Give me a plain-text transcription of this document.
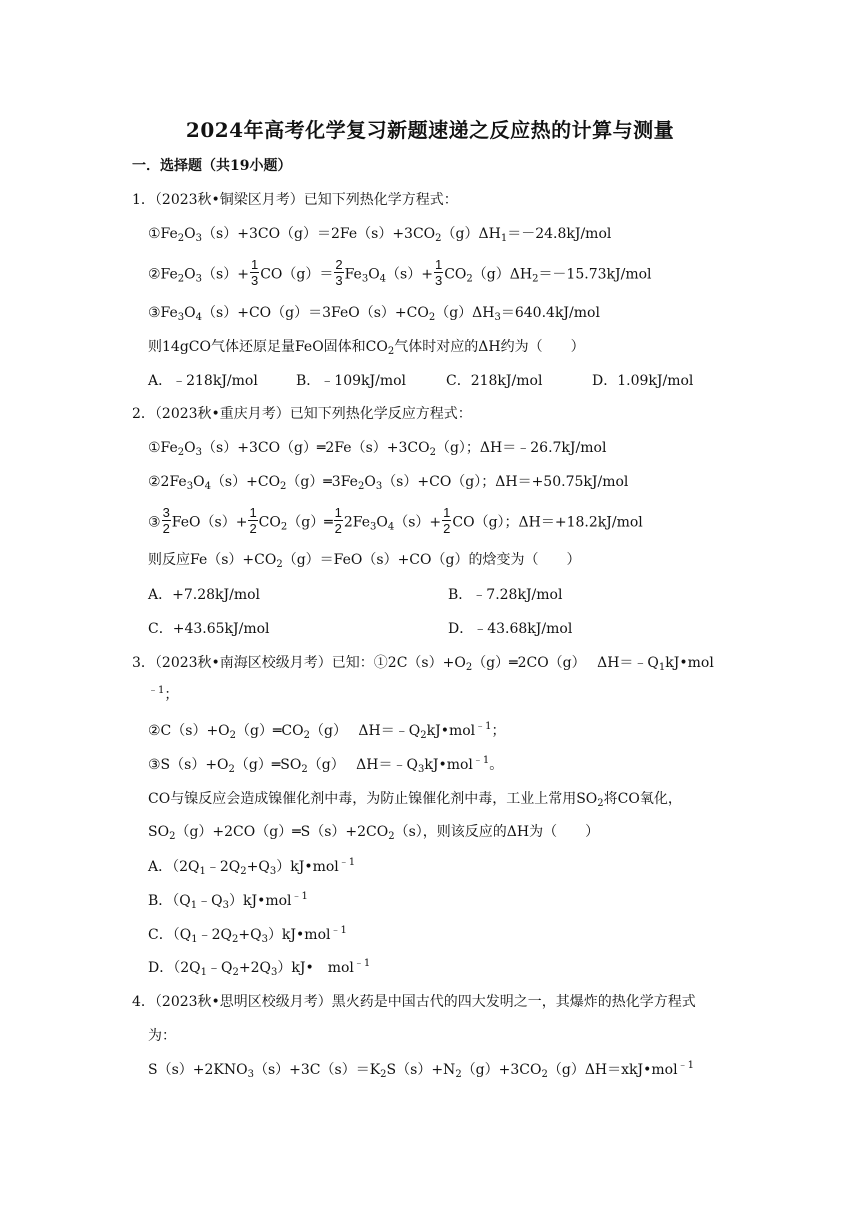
2024年高考化学复习新题速递之反应热的计算与测量
一．选择题（共19小题）
1．（2023秋•铜梁区月考）已知下列热化学方程式：
$①Fe_2O_3(s)+3CO(g)=2Fe(s)+3CO_2(g)\Delta H_1=-24.8kJ$/mol
$②Fe_2O_3(s)+ \frac{1}{3} CO(g)= \frac{2}{3} Fe_3O_4(s)+ \frac{1}{3} CO_2(g)\Delta H_2=-15.73kJ/mol$
$③Fe_3O_4(s)+CO(g)=3FeO(s)+CO_2(g)\Delta H_3=640.4kJ$/mol
则14gCO气体还原足量FeO固体和$CO_2$气体时对应的ΔH约为（　　）
A．﹣218kJ/mol	B．﹣109kJ/mol	C．218kJ/mol	D．1.09kJ/mol
2．（2023秋•重庆月考）已知下列热化学反应方程式：
$①Fe_2O_3(s)+3CO(g)═2Fe(s)+3CO_2(g)$；ΔH＝﹣26.7kJ/mol
$②2Fe_3O_4(s)+CO_2(g)═3Fe_2O_3(s)+CO(g)$；ΔH＝+50.75kJ/mol
③ $\frac{3}{2} FeO(s)+ \frac{1}{2}$ $CO_2(g)═ \frac{1}{2} 2Fe_3O_4(s)+ \frac{1}{2} CO(g)$；ΔH＝+18.2kJ/mol
则反应$Fe(s)+CO_2(g)=FeO(s)+CO(g)$的焓变为（　　）
A．+7.28kJ/mol	B．﹣7.28kJ/mol
C．+43.65kJ/mol	D．﹣43.68kJ/mol
3．（2023秋•南海区校级月考）已知：$①2C(s)+O_2(g)═2CO(g)$　 $\Delta H=﹣Q_1kJ•mol$
$^{﹣1}$；
$②C(s)+O_2(g)═CO_2(g)$　 $\Delta H=﹣Q_2kJ•mol^{﹣1}$；
$③S(s)+O_2(g)═SO_2(g)$　 $\Delta H=﹣Q_3kJ•mol^{﹣1}$。
CO与镍反应会造成镍催化剂中毒，为防止镍催化剂中毒，工业上常用$SO_2$将CO氧化，
$SO_2(g)+2CO(g)═S(s)+2CO_2(s)$，则该反应的ΔH为（　　）
A．$(2Q_1﹣2Q_2+Q_3)kJ•mol^{﹣1}$
B．$(Q_1﹣Q_3)kJ•mol^{﹣1}$
C．$(Q_1﹣2Q_2+Q_3)kJ•mol^{﹣1}$
D．$(2Q_1﹣Q_2+2Q_3)kJ•$　mol$^{﹣1}$
4．（2023秋•思明区校级月考）黑火药是中国古代的四大发明之一，其爆炸的热化学方程式
为：
$S(s)+2KNO_3(s)+3C(s)=K_2S(s)+N_2(g)+3CO_2(g)\Delta H=xkJ•mol^{﹣1}$
